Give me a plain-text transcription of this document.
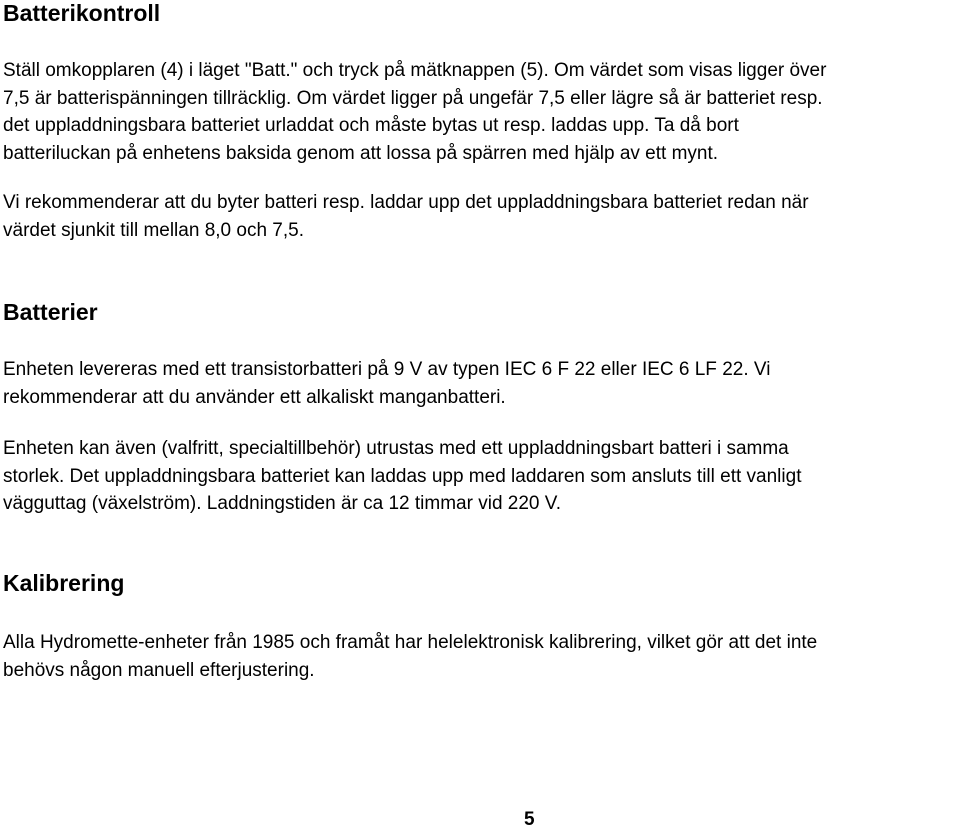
Batterikontroll

Ställ omkopplaren (4) i läget "Batt." och tryck på mätknappen (5). Om värdet som visas ligger över
7,5 är batterispänningen tillräcklig. Om värdet ligger på ungefär 7,5 eller lägre så är batteriet resp.
det uppladdningsbara batteriet urladdat och måste bytas ut resp. laddas upp. Ta då bort
batteriluckan på enhetens baksida genom att lossa på spärren med hjälp av ett mynt.

Vi rekommenderar att du byter batteri resp. laddar upp det uppladdningsbara batteriet redan när
värdet sjunkit till mellan 8,0 och 7,5.

Batterier

Enheten levereras med ett transistorbatteri på 9 V av typen IEC 6 F 22 eller IEC 6 LF 22. Vi
rekommenderar att du använder ett alkaliskt manganbatteri.

Enheten kan även (valfritt, specialtillbehör) utrustas med ett uppladdningsbart batteri i samma
storlek. Det uppladdningsbara batteriet kan laddas upp med laddaren som ansluts till ett vanligt
vägguttag (växelström). Laddningstiden är ca 12 timmar vid 220 V.

Kalibrering

Alla Hydromette-enheter från 1985 och framåt har helelektronisk kalibrering, vilket gör att det inte
behövs någon manuell efterjustering.

5
